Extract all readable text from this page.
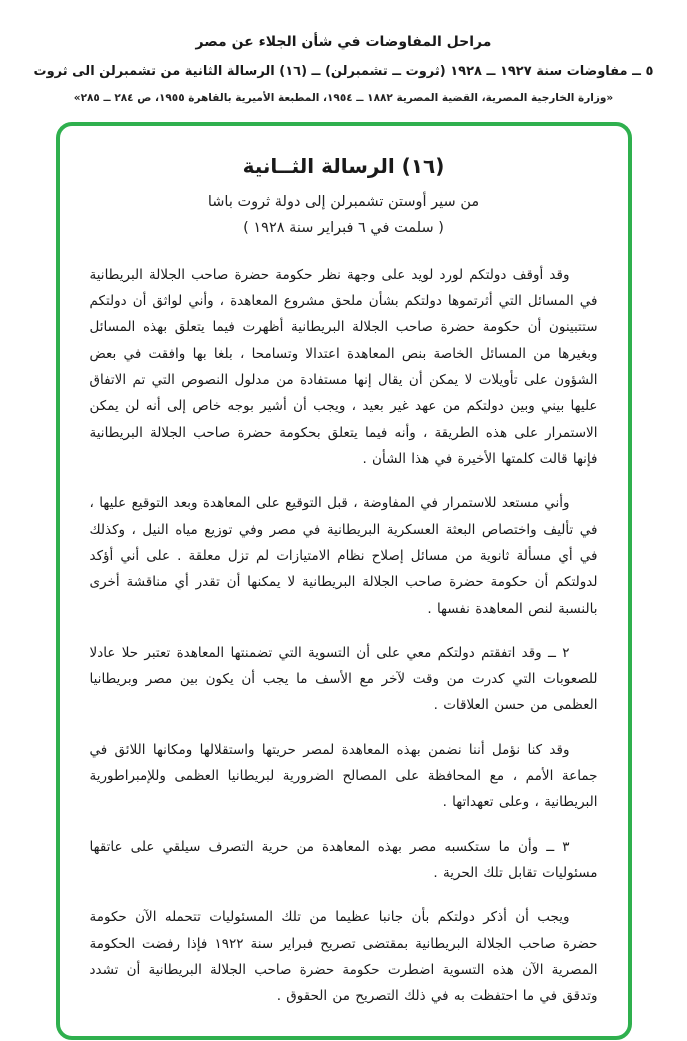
مراحل المفاوضات في شأن الجلاء عن مصر
٥ ــ مفاوضات سنة ١٩٢٧ ــ ١٩٢٨ (ثروت ــ تشمبرلن) ــ (١٦) الرسالة الثانية من تشمبرلن الى ثروت
«وزارة الخارجية المصرية، القضية المصرية ١٨٨٢ ــ ١٩٥٤، المطبعة الأميرية بالقاهرة ١٩٥٥، ص ٢٨٤ ــ ٢٨٥»
(١٦) الرسالة الثــانية
من سير أوستن تشمبرلن إلى دولة ثروت باشا
( سلمت في ٦ فبراير سنة ١٩٢٨ )

وقد أوقف دولتكم لورد لويد على وجهة نظر حكومة حضرة صاحب الجلالة البريطانية في المسائل التي أثرتموها دولتكم بشأن ملحق مشروع المعاهدة ، وأني لواثق أن دولتكم ستتبينون أن حكومة حضرة صاحب الجلالة البريطانية أظهرت فيما يتعلق بهذه المسائل وبغيرها من المسائل الخاصة بنص المعاهدة اعتدالا وتسامحا ، بلغا بها وافقت في بعض الشؤون على تأويلات لا يمكن أن يقال إنها مستفادة من مدلول النصوص التي تم الاتفاق عليها بيني وبين دولتكم من عهد غير بعيد ، ويجب أن أشير بوجه خاص إلى أنه لن يمكن الاستمرار على هذه الطريقة ، وأنه فيما يتعلق بحكومة حضرة صاحب الجلالة البريطانية فإنها قالت كلمتها الأخيرة في هذا الشأن .

وأني مستعد للاستمرار في المفاوضة ، قبل التوقيع على المعاهدة وبعد التوقيع عليها ، في تأليف واختصاص البعثة العسكرية البريطانية في مصر وفي توزيع مياه النيل ، وكذلك في أي مسألة ثانوية من مسائل إصلاح نظام الامتيازات لم تزل معلقة . على أني أؤكد لدولتكم أن حكومة حضرة صاحب الجلالة البريطانية لا يمكنها أن تقدر أي مناقشة أخرى بالنسبة لنص المعاهدة نفسها .

٢ ــ وقد اتفقتم دولتكم معي على أن التسوية التي تضمنتها المعاهدة تعتبر حلا عادلا للصعوبات التي كدرت من وقت لآخر مع الأسف ما يجب أن يكون بين مصر وبريطانيا العظمى من حسن العلاقات .

وقد كنا نؤمل أننا نضمن بهذه المعاهدة لمصر حريتها واستقلالها ومكانها اللائق في جماعة الأمم ، مع المحافظة على المصالح الضرورية لبريطانيا العظمى وللإمبراطورية البريطانية ، وعلى تعهداتها .

٣ ــ وأن ما ستكسبه مصر بهذه المعاهدة من حرية التصرف سيلقي على عاتقها مسئوليات تقابل تلك الحرية .

ويجب أن أذكر دولتكم بأن جانبا عظيما من تلك المسئوليات تتحمله الآن حكومة حضرة صاحب الجلالة البريطانية بمقتضى تصريح فبراير سنة ١٩٢٢ فإذا رفضت الحكومة المصرية الآن هذه التسوية اضطرت حكومة حضرة صاحب الجلالة البريطانية أن تشدد وتدقق في ما احتفظت به في ذلك التصريح من الحقوق .
